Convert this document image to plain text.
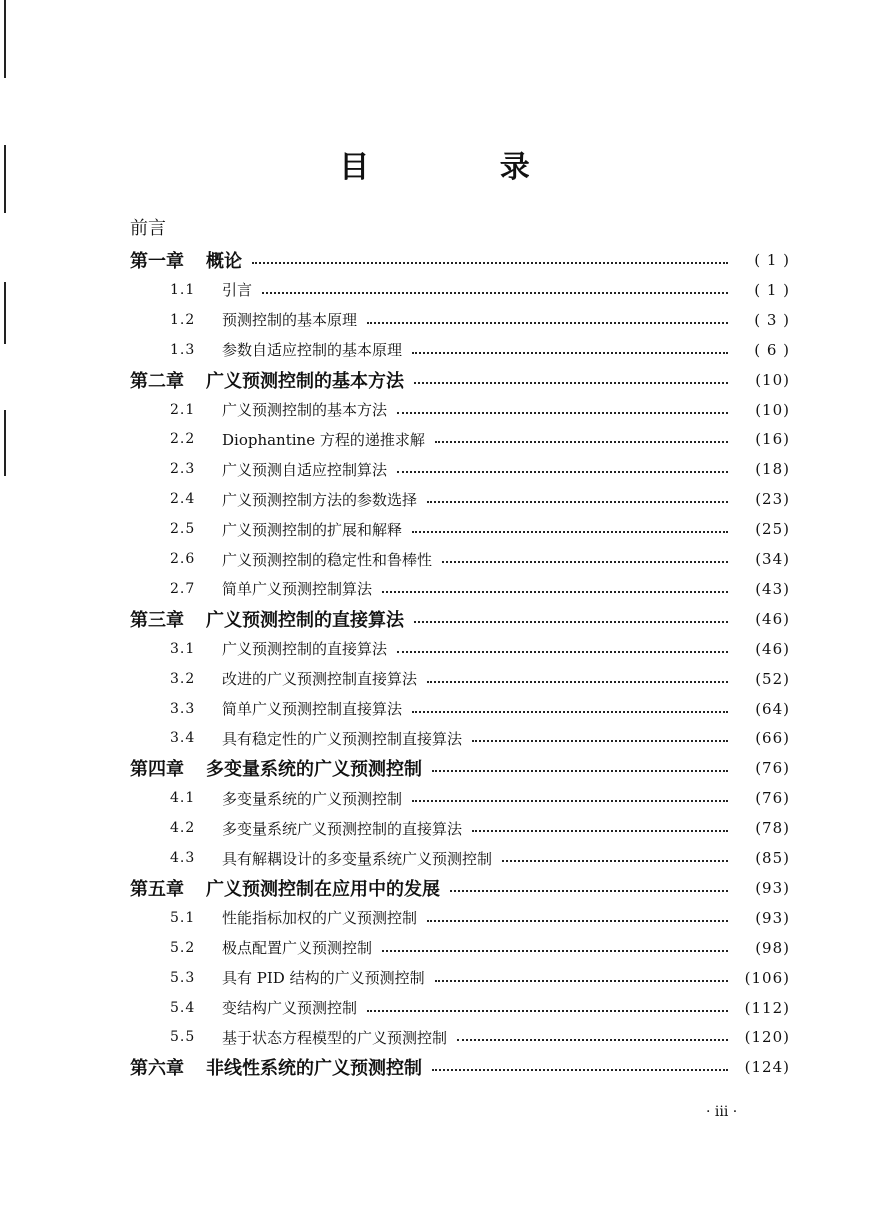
目 录
前言
第一章 概论	( 1 )
1.1 引言	( 1 )
1.2 预测控制的基本原理	( 3 )
1.3 参数自适应控制的基本原理	( 6 )
第二章 广义预测控制的基本方法	(10)
2.1 广义预测控制的基本方法	(10)
2.2 Diophantine 方程的递推求解	(16)
2.3 广义预测自适应控制算法	(18)
2.4 广义预测控制方法的参数选择	(23)
2.5 广义预测控制的扩展和解释	(25)
2.6 广义预测控制的稳定性和鲁棒性	(34)
2.7 简单广义预测控制算法	(43)
第三章 广义预测控制的直接算法	(46)
3.1 广义预测控制的直接算法	(46)
3.2 改进的广义预测控制直接算法	(52)
3.3 简单广义预测控制直接算法	(64)
3.4 具有稳定性的广义预测控制直接算法	(66)
第四章 多变量系统的广义预测控制	(76)
4.1 多变量系统的广义预测控制	(76)
4.2 多变量系统广义预测控制的直接算法	(78)
4.3 具有解耦设计的多变量系统广义预测控制	(85)
第五章 广义预测控制在应用中的发展	(93)
5.1 性能指标加权的广义预测控制	(93)
5.2 极点配置广义预测控制	(98)
5.3 具有 PID 结构的广义预测控制	(106)
5.4 变结构广义预测控制	(112)
5.5 基于状态方程模型的广义预测控制	(120)
第六章 非线性系统的广义预测控制	(124)
· iii ·
